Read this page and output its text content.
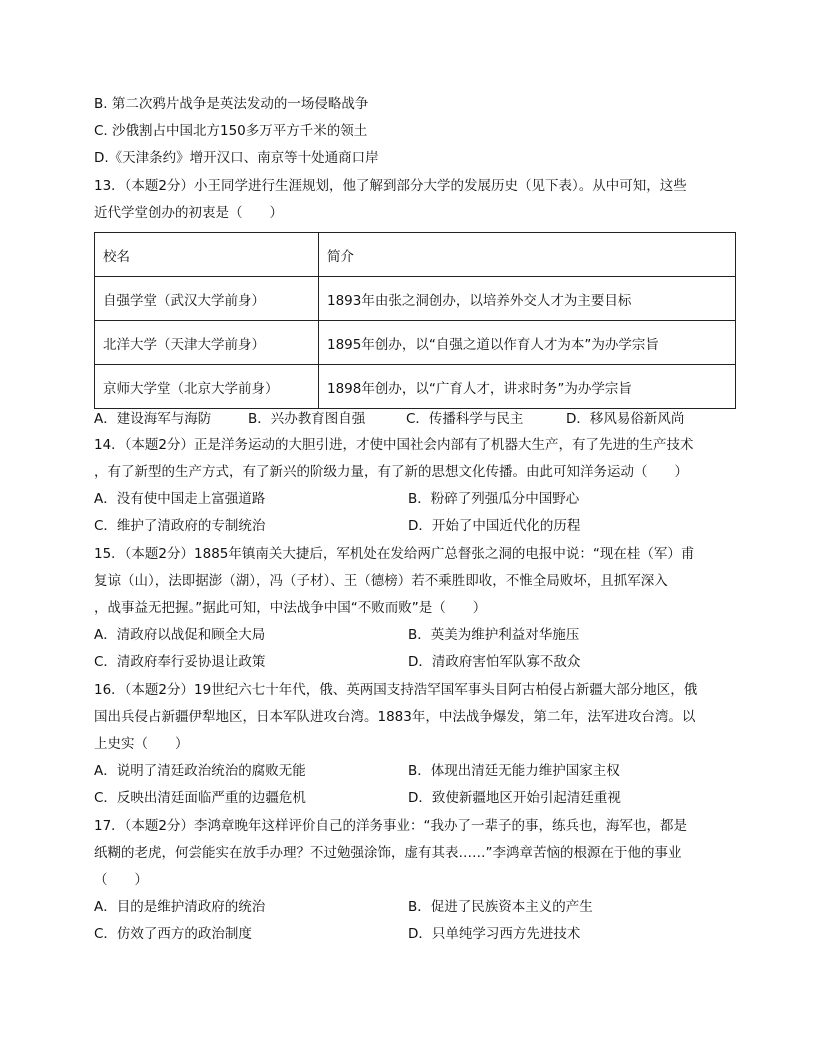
B. 第二次鸦片战争是英法发动的一场侵略战争
C. 沙俄割占中国北方150多万平方千米的领土
D.《天津条约》增开汉口、南京等十处通商口岸
13．（本题2分）小王同学进行生涯规划，他了解到部分大学的发展历史（见下表）。从中可知，这些
近代学堂创办的初衷是（　　）
校名	简介
自强学堂（武汉大学前身）	1893年由张之洞创办，以培养外交人才为主要目标
北洋大学（天津大学前身）	1895年创办，以“自强之道以作育人才为本”为办学宗旨
京师大学堂（北京大学前身）	1898年创办，以“广育人才，讲求时务”为办学宗旨
A．建设海军与海防	B．兴办教育图自强	C．传播科学与民主	D．移风易俗新风尚
14．（本题2分）正是洋务运动的大胆引进，才使中国社会内部有了机器大生产，有了先进的生产技术
，有了新型的生产方式，有了新兴的阶级力量，有了新的思想文化传播。由此可知洋务运动（　　）
A．没有使中国走上富强道路	B．粉碎了列强瓜分中国野心
C．维护了清政府的专制统治	D．开始了中国近代化的历程
15．（本题2分）1885年镇南关大捷后，军机处在发给两广总督张之洞的电报中说：“现在桂（军）甫
复谅（山），法即据澎（湖），冯（子材）、王（德榜）若不乘胜即收，不惟全局败坏，且抓军深入
，战事益无把握。”据此可知，中法战争中国“不败而败”是（　　）
A．清政府以战促和顾全大局	B．英美为维护利益对华施压
C．清政府奉行妥协退让政策	D．清政府害怕军队寡不敌众
16．（本题2分）19世纪六七十年代，俄、英两国支持浩罕国军事头目阿古柏侵占新疆大部分地区，俄
国出兵侵占新疆伊犁地区，日本军队进攻台湾。1883年，中法战争爆发，第二年，法军进攻台湾。以
上史实（　　）
A．说明了清廷政治统治的腐败无能	B．体现出清廷无能力维护国家主权
C．反映出清廷面临严重的边疆危机	D．致使新疆地区开始引起清廷重视
17．（本题2分）李鸿章晚年这样评价自己的洋务事业：“我办了一辈子的事，练兵也，海军也，都是
纸糊的老虎，何尝能实在放手办理？不过勉强涂饰，虚有其表……”李鸿章苦恼的根源在于他的事业
（　　）
A．目的是维护清政府的统治	B．促进了民族资本主义的产生
C．仿效了西方的政治制度	D．只单纯学习西方先进技术
